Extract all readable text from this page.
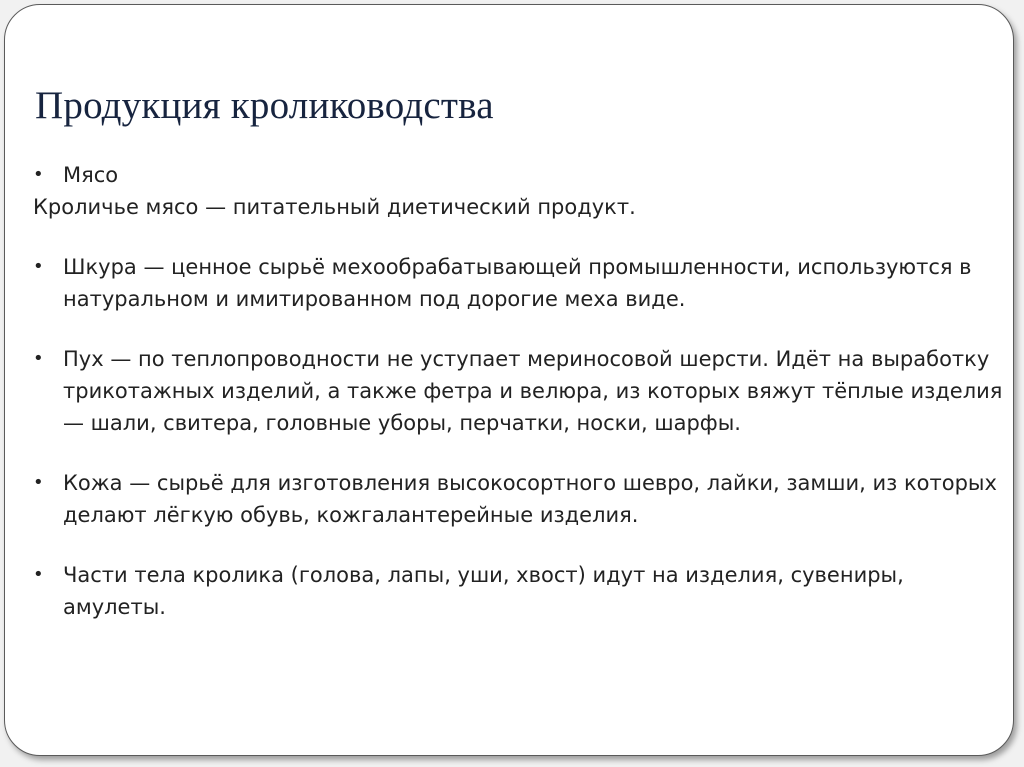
Продукция кролиководства
• Мясо

Кроличье мясо — питательный диетический продукт.

• Шкура — ценное сырьё мехообрабатывающей промышленности, используются в натуральном и имитированном под дорогие меха виде.
• Пух — по теплопроводности не уступает мериносовой шерсти. Идёт на выработку трикотажных изделий, а также фетра и велюра, из которых вяжут тёплые изделия — шали, свитера, головные уборы, перчатки, носки, шарфы.
• Кожа — сырьё для изготовления высокосортного шевро, лайки, замши, из которых делают лёгкую обувь, кожгалантерейные изделия.
• Части тела кролика (голова, лапы, уши, хвост) идут на изделия, сувениры, амулеты.
